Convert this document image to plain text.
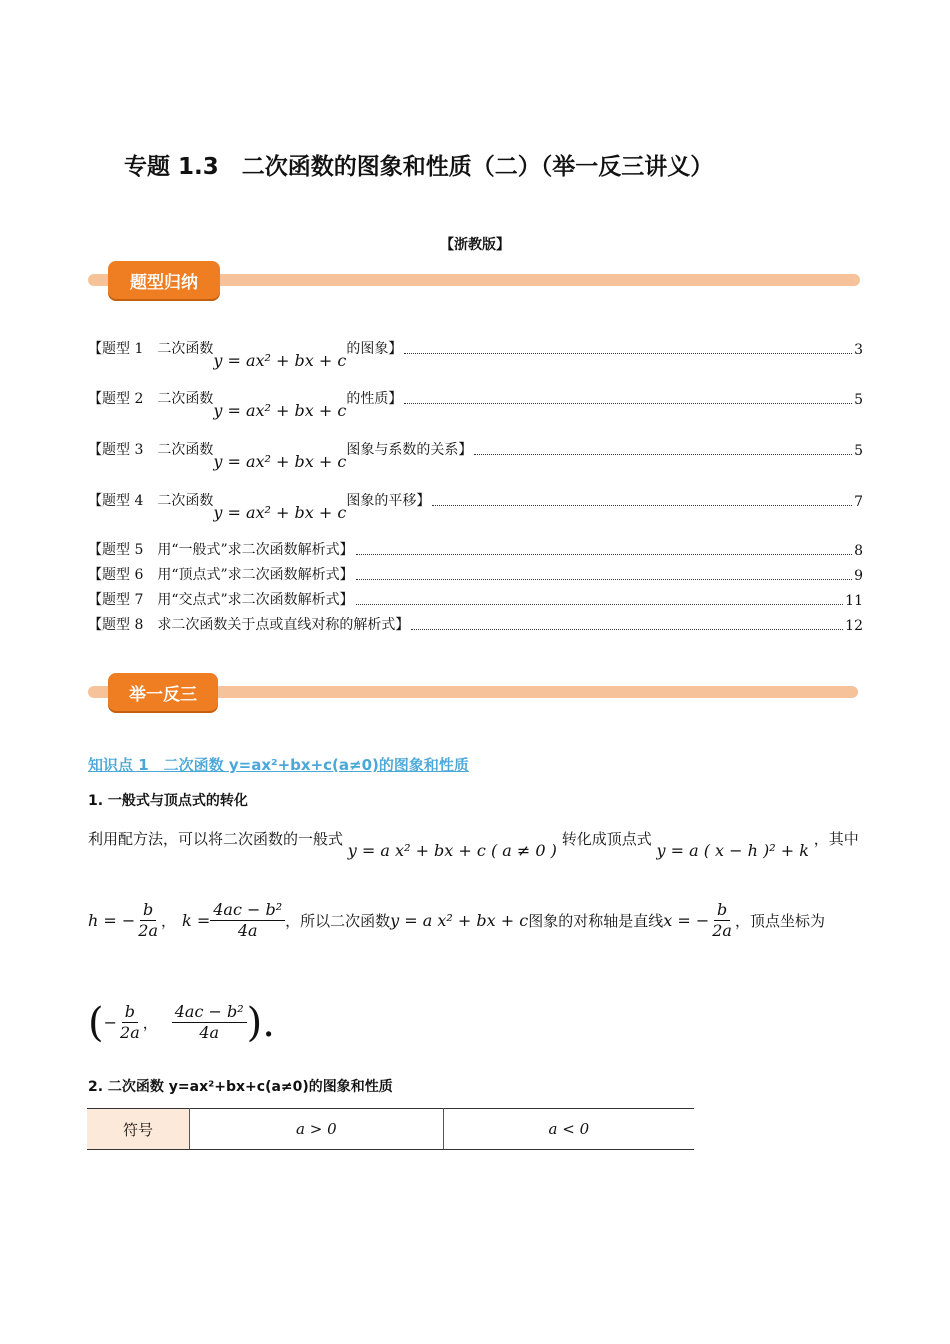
专题 1.3　二次函数的图象和性质（二）（举一反三讲义）
【浙教版】
题型归纳
【题型 1　二次函数
y = ax² + bx + c
的图象】	3
【题型 2　二次函数
y = ax² + bx + c
的性质】	5
【题型 3　二次函数
y = ax² + bx + c
图象与系数的关系】	5
【题型 4　二次函数
y = ax² + bx + c
图象的平移】	7
【题型 5　用“一般式”求二次函数解析式】	8
【题型 6　用“顶点式”求二次函数解析式】	9
【题型 7　用“交点式”求二次函数解析式】	11
【题型 8　求二次函数关于点或直线对称的解析式】	12
举一反三
知识点 1　二次函数 y=ax²+bx+c(a≠0)的图象和性质
1. 一般式与顶点式的转化
利用配方法，可以将二次函数的一般式 y = a x² + bx + c ( a ≠ 0 ) 转化成顶点式 y = a ( x − h )² + k ，其中
h = − $\frac{b}{2a}$ ， $k = \frac{\text{4ac − b²}}{4a}$ ，所以二次函数 y = a x² + bx + c 图象的对称轴是直线 x = − $\frac{b}{2a}$ ，顶点坐标为
( − $\frac{b}{2a}$ ， $\frac{\text{4ac − b²}}{4a}$ ).
2. 二次函数 y=ax²+bx+c(a≠0)的图象和性质
符号	a > 0	a < 0
